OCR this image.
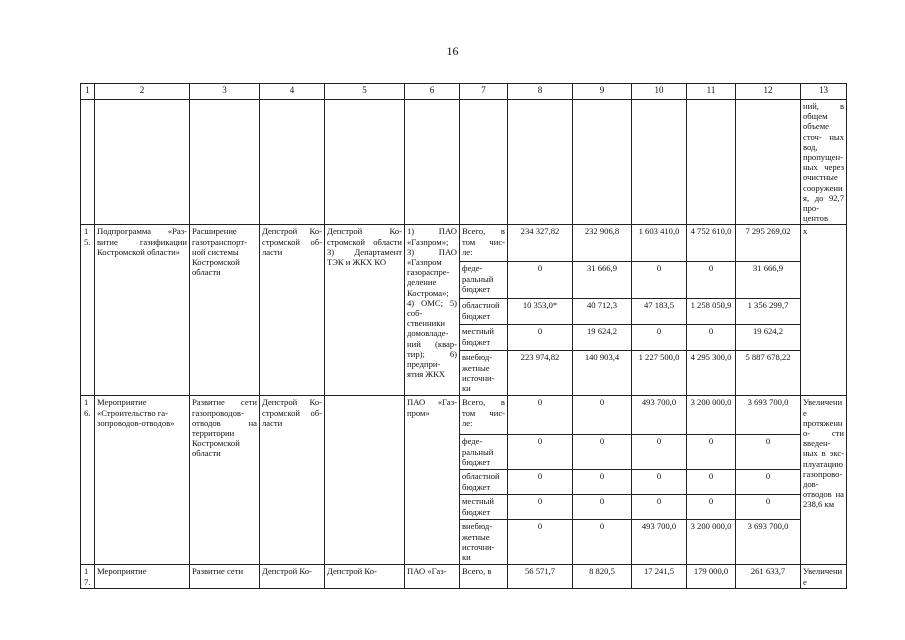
16
1	2	3	4	5	6	7	8	9	10	11	12	13
												ний, в общем объеме сточ- ных вод, пропущен- ных через очистные сооружения, до 92,7 про- центов
15.	Подпрограмма «Раз- витие газификации Костромской области»	Расширение газотранспорт- ной системы Костромской области	Депстрой Ко- стромской об- ласти	Депстрой Ко- стромской области 3) Департамент ТЭК и ЖКХ КО	1) ПАО «Газпром»; 3) ПАО «Газпром газораспре- деление Кострома»; 4) ОМС; 5) соб- ственники домовладе- ний (квар- тир); 6) предпри- ятия ЖКХ	Всего, в том чис- ле:	234 327,82	232 906,8	1 603 410,0	4 752 610,0	7 295 269,02	x
						феде- ральный бюджет	0	31 666,9	0	0	31 666,9	
						областной бюджет	10 353,0*	40 712,3	47 183,5	1 258 050,9	1 356 299,7	
						местный бюджет	0	19 624,2	0	0	19 624,2	
						внебюд- жетные источни- ки	223 974,82	140 903,4	1 227 500,0	4 295 300,0	5 887 678,22	
16.	Мероприятие «Строительство га- зопроводов-отводов»	Развитие сети газопроводов- отводов на территории Костромской области	Депстрой Ко- стромской об- ласти		ПАО «Газ- пром»	Всего, в том чис- ле:	0	0	493 700,0	3 200 000,0	3 693 700,0	Увеличение протяженно- сти введен- ных в экс- плуатацию газопрово- дов-отводов на 238,6 км
						феде- ральный бюджет	0	0	0	0	0	
						областной бюджет	0	0	0	0	0	
						местный бюджет	0	0	0	0	0	
						внебюд- жетные источни- ки	0	0	493 700,0	3 200 000,0	3 693 700,0	
17.	Мероприятие	Развитие сети	Депстрой Ко-	Депстрой Ко-	ПАО «Газ-	Всего, в	56 571,7	8 820,5	17 241,5	179 000,0	261 633,7	Увеличение
